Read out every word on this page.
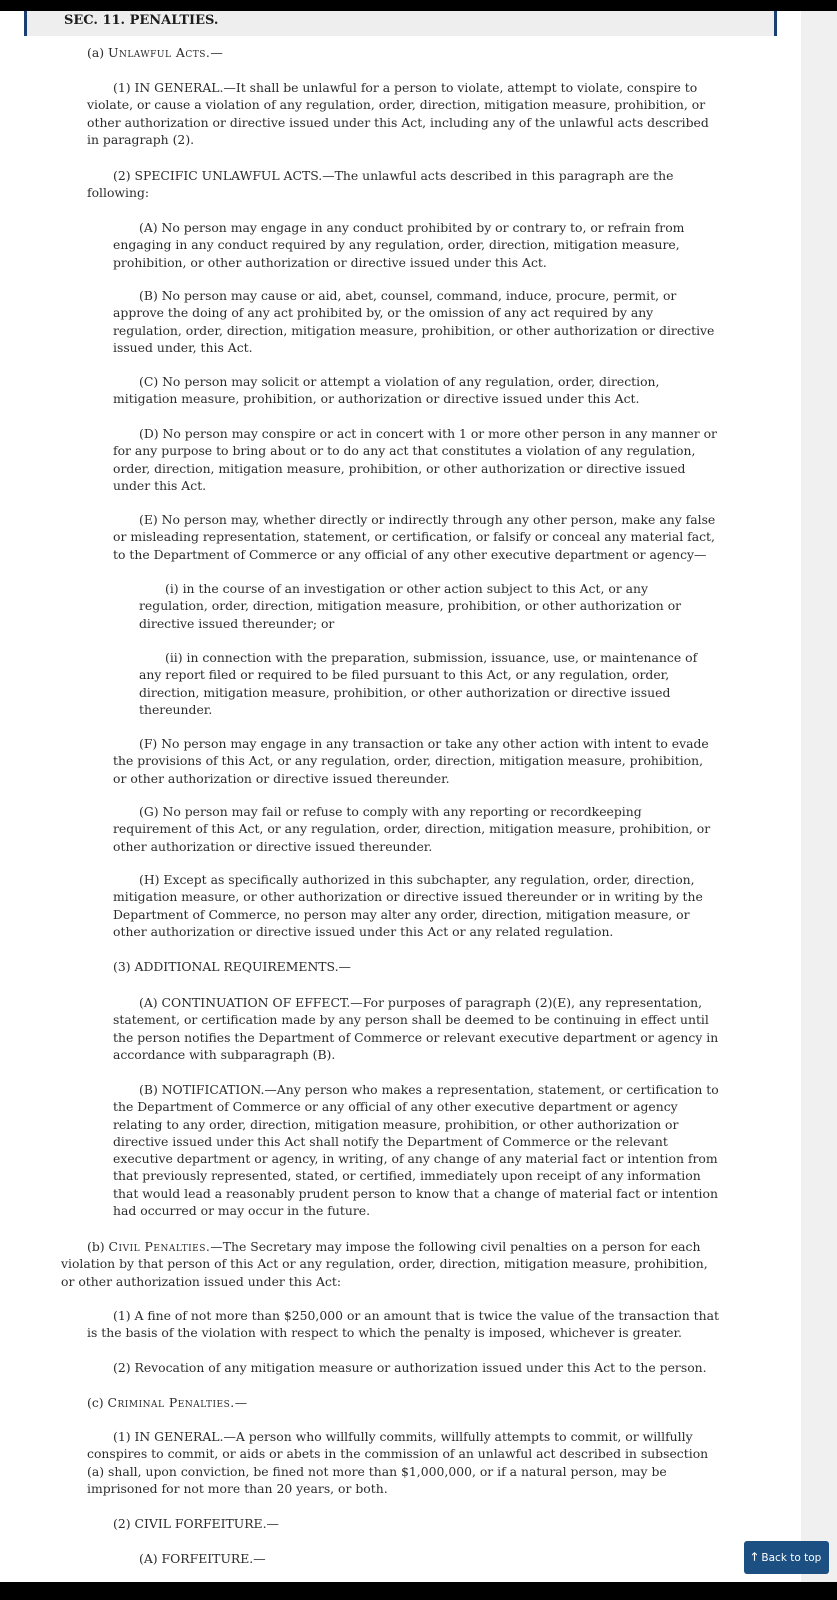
SEC. 11. PENALTIES.

(a) Unlawful Acts.—

(1) IN GENERAL.—It shall be unlawful for a person to violate, attempt to violate, conspire to violate, or cause a violation of any regulation, order, direction, mitigation measure, prohibition, or other authorization or directive issued under this Act, including any of the unlawful acts described in paragraph (2).

(2) SPECIFIC UNLAWFUL ACTS.—The unlawful acts described in this paragraph are the following:

(A) No person may engage in any conduct prohibited by or contrary to, or refrain from engaging in any conduct required by any regulation, order, direction, mitigation measure, prohibition, or other authorization or directive issued under this Act.

(B) No person may cause or aid, abet, counsel, command, induce, procure, permit, or approve the doing of any act prohibited by, or the omission of any act required by any regulation, order, direction, mitigation measure, prohibition, or other authorization or directive issued under, this Act.

(C) No person may solicit or attempt a violation of any regulation, order, direction, mitigation measure, prohibition, or authorization or directive issued under this Act.

(D) No person may conspire or act in concert with 1 or more other person in any manner or for any purpose to bring about or to do any act that constitutes a violation of any regulation, order, direction, mitigation measure, prohibition, or other authorization or directive issued under this Act.

(E) No person may, whether directly or indirectly through any other person, make any false or misleading representation, statement, or certification, or falsify or conceal any material fact, to the Department of Commerce or any official of any other executive department or agency—

(i) in the course of an investigation or other action subject to this Act, or any regulation, order, direction, mitigation measure, prohibition, or other authorization or directive issued thereunder; or

(ii) in connection with the preparation, submission, issuance, use, or maintenance of any report filed or required to be filed pursuant to this Act, or any regulation, order, direction, mitigation measure, prohibition, or other authorization or directive issued thereunder.

(F) No person may engage in any transaction or take any other action with intent to evade the provisions of this Act, or any regulation, order, direction, mitigation measure, prohibition, or other authorization or directive issued thereunder.

(G) No person may fail or refuse to comply with any reporting or recordkeeping requirement of this Act, or any regulation, order, direction, mitigation measure, prohibition, or other authorization or directive issued thereunder.

(H) Except as specifically authorized in this subchapter, any regulation, order, direction, mitigation measure, or other authorization or directive issued thereunder or in writing by the Department of Commerce, no person may alter any order, direction, mitigation measure, or other authorization or directive issued under this Act or any related regulation.

(3) ADDITIONAL REQUIREMENTS.—

(A) CONTINUATION OF EFFECT.—For purposes of paragraph (2)(E), any representation, statement, or certification made by any person shall be deemed to be continuing in effect until the person notifies the Department of Commerce or relevant executive department or agency in accordance with subparagraph (B).

(B) NOTIFICATION.—Any person who makes a representation, statement, or certification to the Department of Commerce or any official of any other executive department or agency relating to any order, direction, mitigation measure, prohibition, or other authorization or directive issued under this Act shall notify the Department of Commerce or the relevant executive department or agency, in writing, of any change of any material fact or intention from that previously represented, stated, or certified, immediately upon receipt of any information that would lead a reasonably prudent person to know that a change of material fact or intention had occurred or may occur in the future.

(b) Civil Penalties.—The Secretary may impose the following civil penalties on a person for each violation by that person of this Act or any regulation, order, direction, mitigation measure, prohibition, or other authorization issued under this Act:

(1) A fine of not more than $250,000 or an amount that is twice the value of the transaction that is the basis of the violation with respect to which the penalty is imposed, whichever is greater.

(2) Revocation of any mitigation measure or authorization issued under this Act to the person.

(c) Criminal Penalties.—

(1) IN GENERAL.—A person who willfully commits, willfully attempts to commit, or willfully conspires to commit, or aids or abets in the commission of an unlawful act described in subsection (a) shall, upon conviction, be fined not more than $1,000,000, or if a natural person, may be imprisoned for not more than 20 years, or both.

(2) CIVIL FORFEITURE.—

(A) FORFEITURE.—	🡑 Back to top
